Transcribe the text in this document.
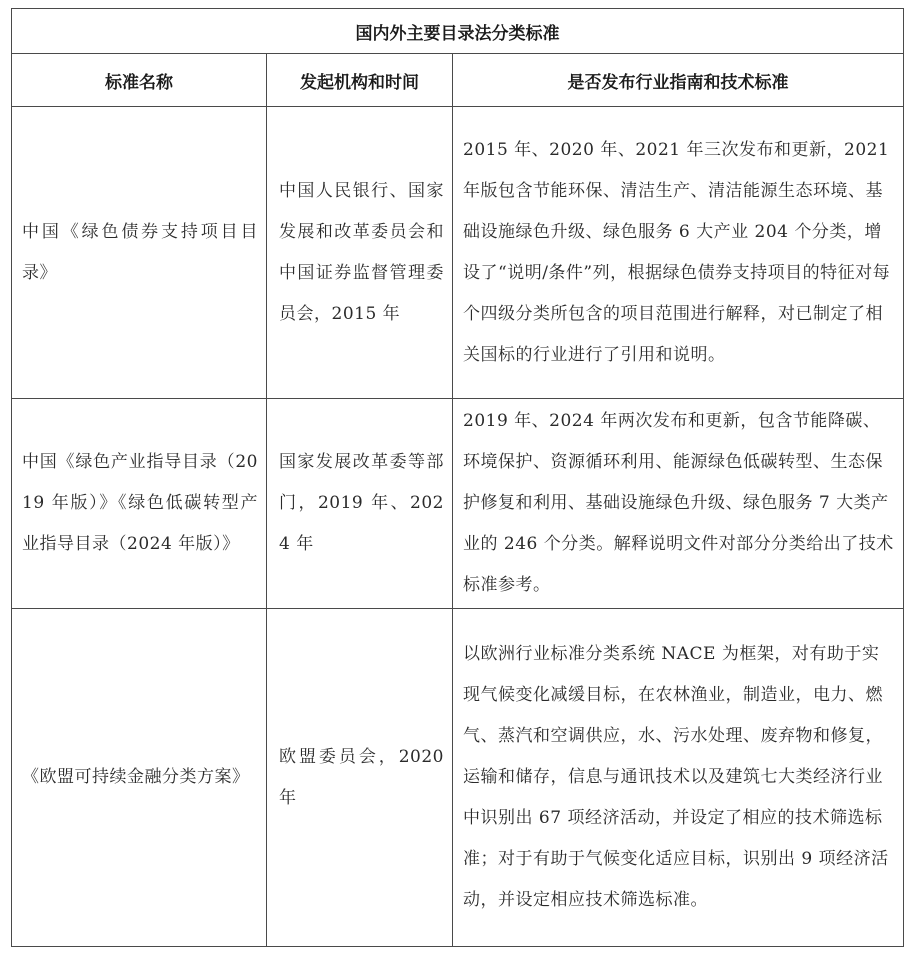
国内外主要目录法分类标准		
标准名称	发起机构和时间	是否发布行业指南和技术标准

中国《绿色债券支持项目目录》	中国人民银行、国家发展和改革委员会和中国证券监督管理委员会，2015 年	2015 年、2020 年、2021 年三次发布和更新，2021 年版包含节能环保、清洁生产、清洁能源生态环境、基础设施绿色升级、绿色服务 6 大产业 204 个分类，增设了“说明/条件”列，根据绿色债券支持项目的特征对每个四级分类所包含的项目范围进行解释，对已制定了相关国标的行业进行了引用和说明。

中国《绿色产业指导目录（2019 年版）》《绿色低碳转型产业指导目录（2024 年版）》	国家发展改革委等部门，2019 年、2024 年	2019 年、2024 年两次发布和更新，包含节能降碳、环境保护、资源循环利用、能源绿色低碳转型、生态保护修复和利用、基础设施绿色升级、绿色服务 7 大类产业的 246 个分类。解释说明文件对部分分类给出了技术标准参考。

《欧盟可持续金融分类方案》	欧盟委员会，2020 年	以欧洲行业标准分类系统 NACE 为框架，对有助于实现气候变化减缓目标，在农林渔业，制造业，电力、燃气、蒸汽和空调供应，水、污水处理、废弃物和修复，运输和储存，信息与通讯技术以及建筑七大类经济行业中识别出 67 项经济活动，并设定了相应的技术筛选标准；对于有助于气候变化适应目标，识别出 9 项经济活动，并设定相应技术筛选标准。
